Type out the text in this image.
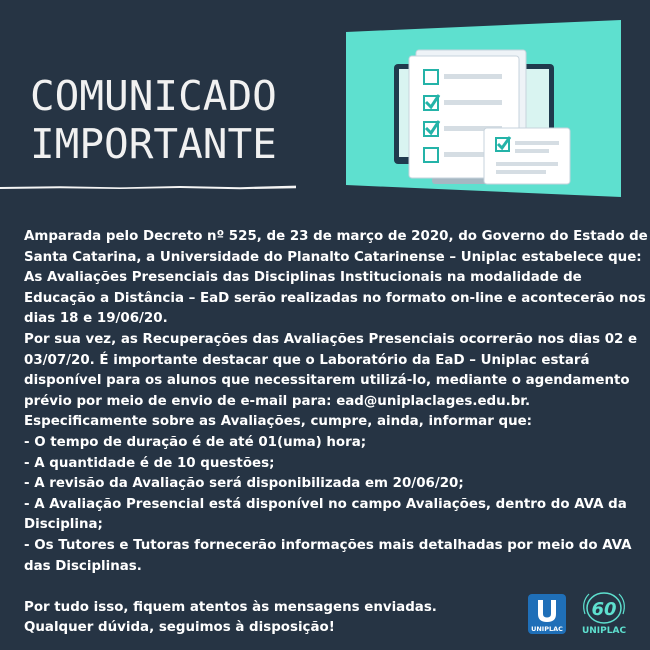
COMUNICADO
IMPORTANTE
Amparada pelo Decreto nº 525, de 23 de março de 2020, do Governo do Estado de
Santa Catarina, a Universidade do Planalto Catarinense – Uniplac estabelece que:
As Avaliações Presenciais das Disciplinas Institucionais na modalidade de
Educação a Distância – EaD serão realizadas no formato on-line e acontecerão nos
dias 18 e 19/06/20.
Por sua vez, as Recuperações das Avaliações Presenciais ocorrerão nos dias 02 e
03/07/20. É importante destacar que o Laboratório da EaD – Uniplac estará
disponível para os alunos que necessitarem utilizá-lo, mediante o agendamento
prévio por meio de envio de e-mail para: ead@uniplaclages.edu.br.
Especificamente sobre as Avaliações, cumpre, ainda, informar que:
- O tempo de duração é de até 01(uma) hora;
- A quantidade é de 10 questões;
- A revisão da Avaliação será disponibilizada em 20/06/20;
- A Avaliação Presencial está disponível no campo Avaliações, dentro do AVA da
Disciplina;
- Os Tutores e Tutoras fornecerão informações mais detalhadas por meio do AVA
das Disciplinas.
Por tudo isso, fiquem atentos às mensagens enviadas.
Qualquer dúvida, seguimos à disposição!	UNIPLAC
60
UNIPLAC
